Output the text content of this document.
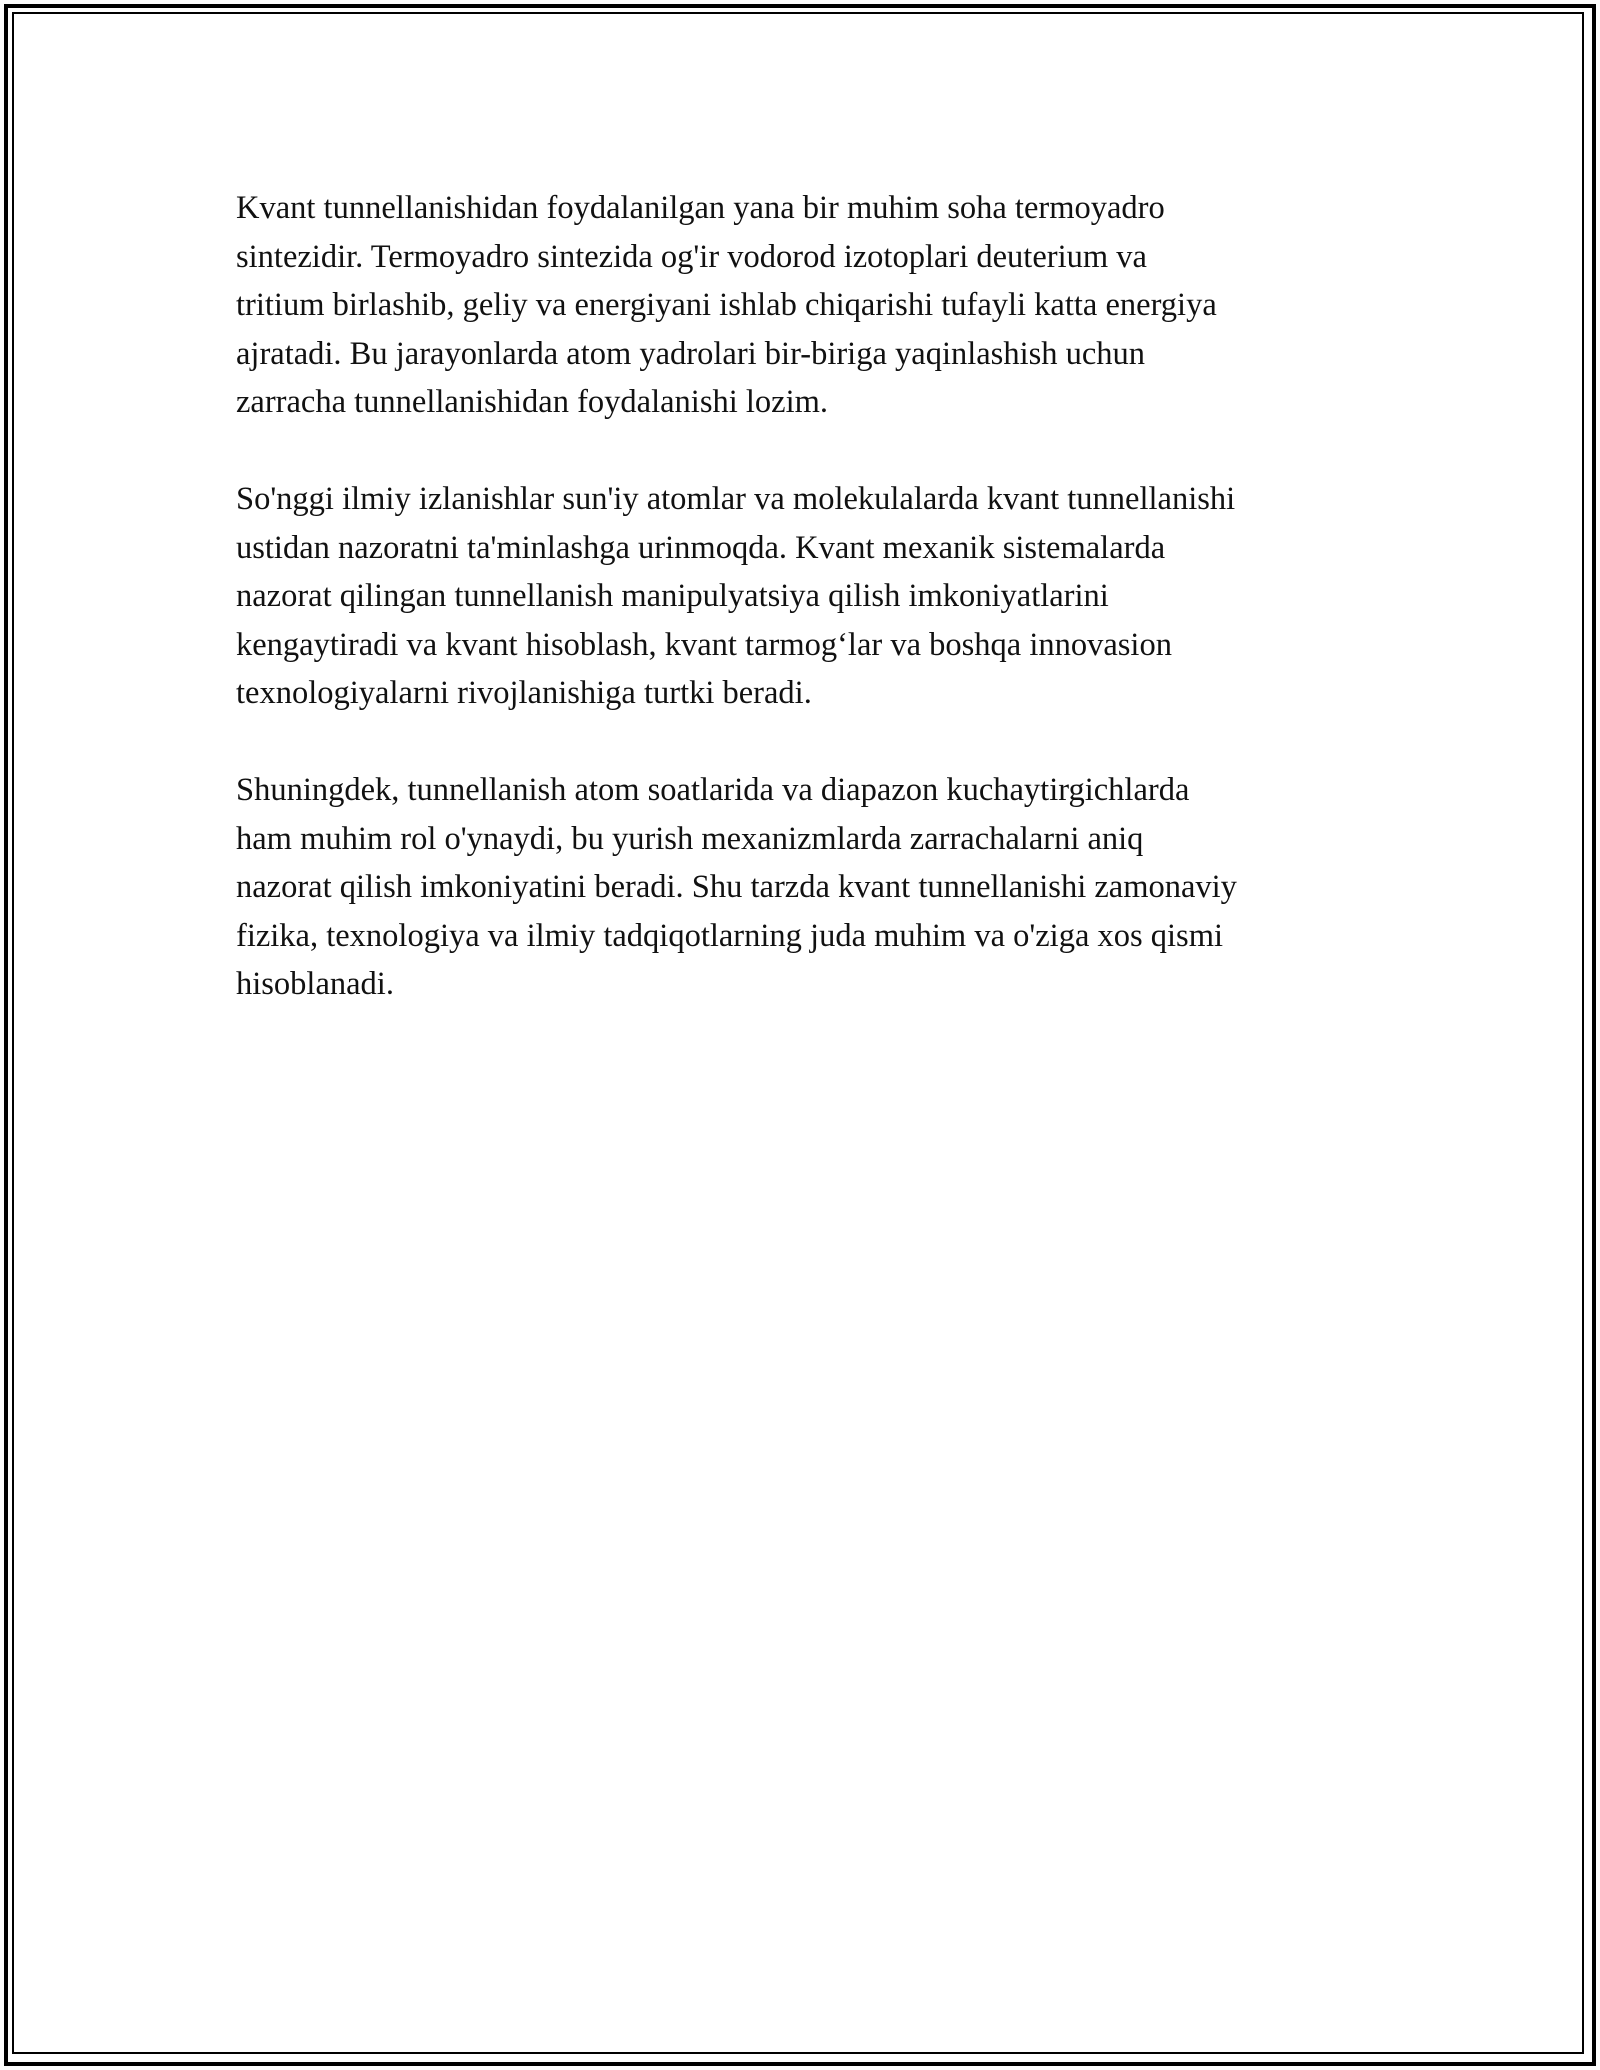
Kvant tunnellanishidan foydalanilgan yana bir muhim soha termoyadro
sintezidir. Termoyadro sintezida og'ir vodorod izotoplari deuterium va
tritium birlashib, geliy va energiyani ishlab chiqarishi tufayli katta energiya
ajratadi. Bu jarayonlarda atom yadrolari bir-biriga yaqinlashish uchun
zarracha tunnellanishidan foydalanishi lozim.

So'nggi ilmiy izlanishlar sun'iy atomlar va molekulalarda kvant tunnellanishi
ustidan nazoratni ta'minlashga urinmoqda. Kvant mexanik sistemalarda
nazorat qilingan tunnellanish manipulyatsiya qilish imkoniyatlarini
kengaytiradi va kvant hisoblash, kvant tarmog‘lar va boshqa innovasion
texnologiyalarni rivojlanishiga turtki beradi.

Shuningdek, tunnellanish atom soatlarida va diapazon kuchaytirgichlarda
ham muhim rol o'ynaydi, bu yurish mexanizmlarda zarrachalarni aniq
nazorat qilish imkoniyatini beradi. Shu tarzda kvant tunnellanishi zamonaviy
fizika, texnologiya va ilmiy tadqiqotlarning juda muhim va o'ziga xos qismi
hisoblanadi.
